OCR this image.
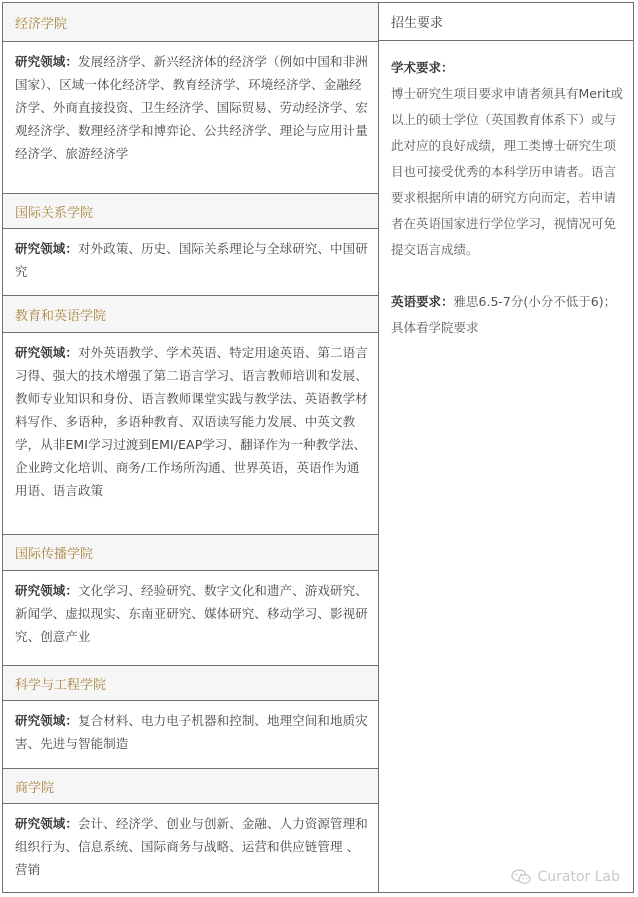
经济学院
研究领域：发展经济学、新兴经济体的经济学（例如中国和非洲国家）、区域一体化经济学、教育经济学、环境经济学、金融经济学、外商直接投资、卫生经济学、国际贸易、劳动经济学、宏观经济学、数理经济学和博弈论、公共经济学、理论与应用计量经济学、旅游经济学
国际关系学院
研究领域：对外政策、历史、国际关系理论与全球研究、中国研究
教育和英语学院
研究领域：对外英语教学、学术英语、特定用途英语、第二语言习得、强大的技术增强了第二语言学习、语言教师培训和发展、教师专业知识和身份、语言教师课堂实践与教学法、英语教学材料写作、多语种，多语种教育、双语读写能力发展、中英文教学，从非EMI学习过渡到EMI/EAP学习、翻译作为一种教学法、企业跨文化培训、商务/工作场所沟通、世界英语，英语作为通用语、语言政策
国际传播学院
研究领域：文化学习、经验研究、数字文化和遗产、游戏研究、新闻学、虚拟现实、东南亚研究、媒体研究、移动学习、影视研究、创意产业
科学与工程学院
研究领域：复合材料、电力电子机器和控制、地理空间和地质灾害、先进与智能制造
商学院
研究领域：会计、经济学、创业与创新、金融、人力资源管理和组织行为、信息系统、国际商务与战略、运营和供应链管理 、营销
招生要求

学术要求：

博士研究生项目要求申请者须具有Merit或以上的硕士学位（英国教育体系下）或与此对应的良好成绩，理工类博士研究生项目也可接受优秀的本科学历申请者。语言要求根据所申请的研究方向而定，若申请者在英语国家进行学位学习，视情况可免提交语言成绩。

英语要求：雅思6.5-7分(小分不低于6)；具体看学院要求

Curator Lab
